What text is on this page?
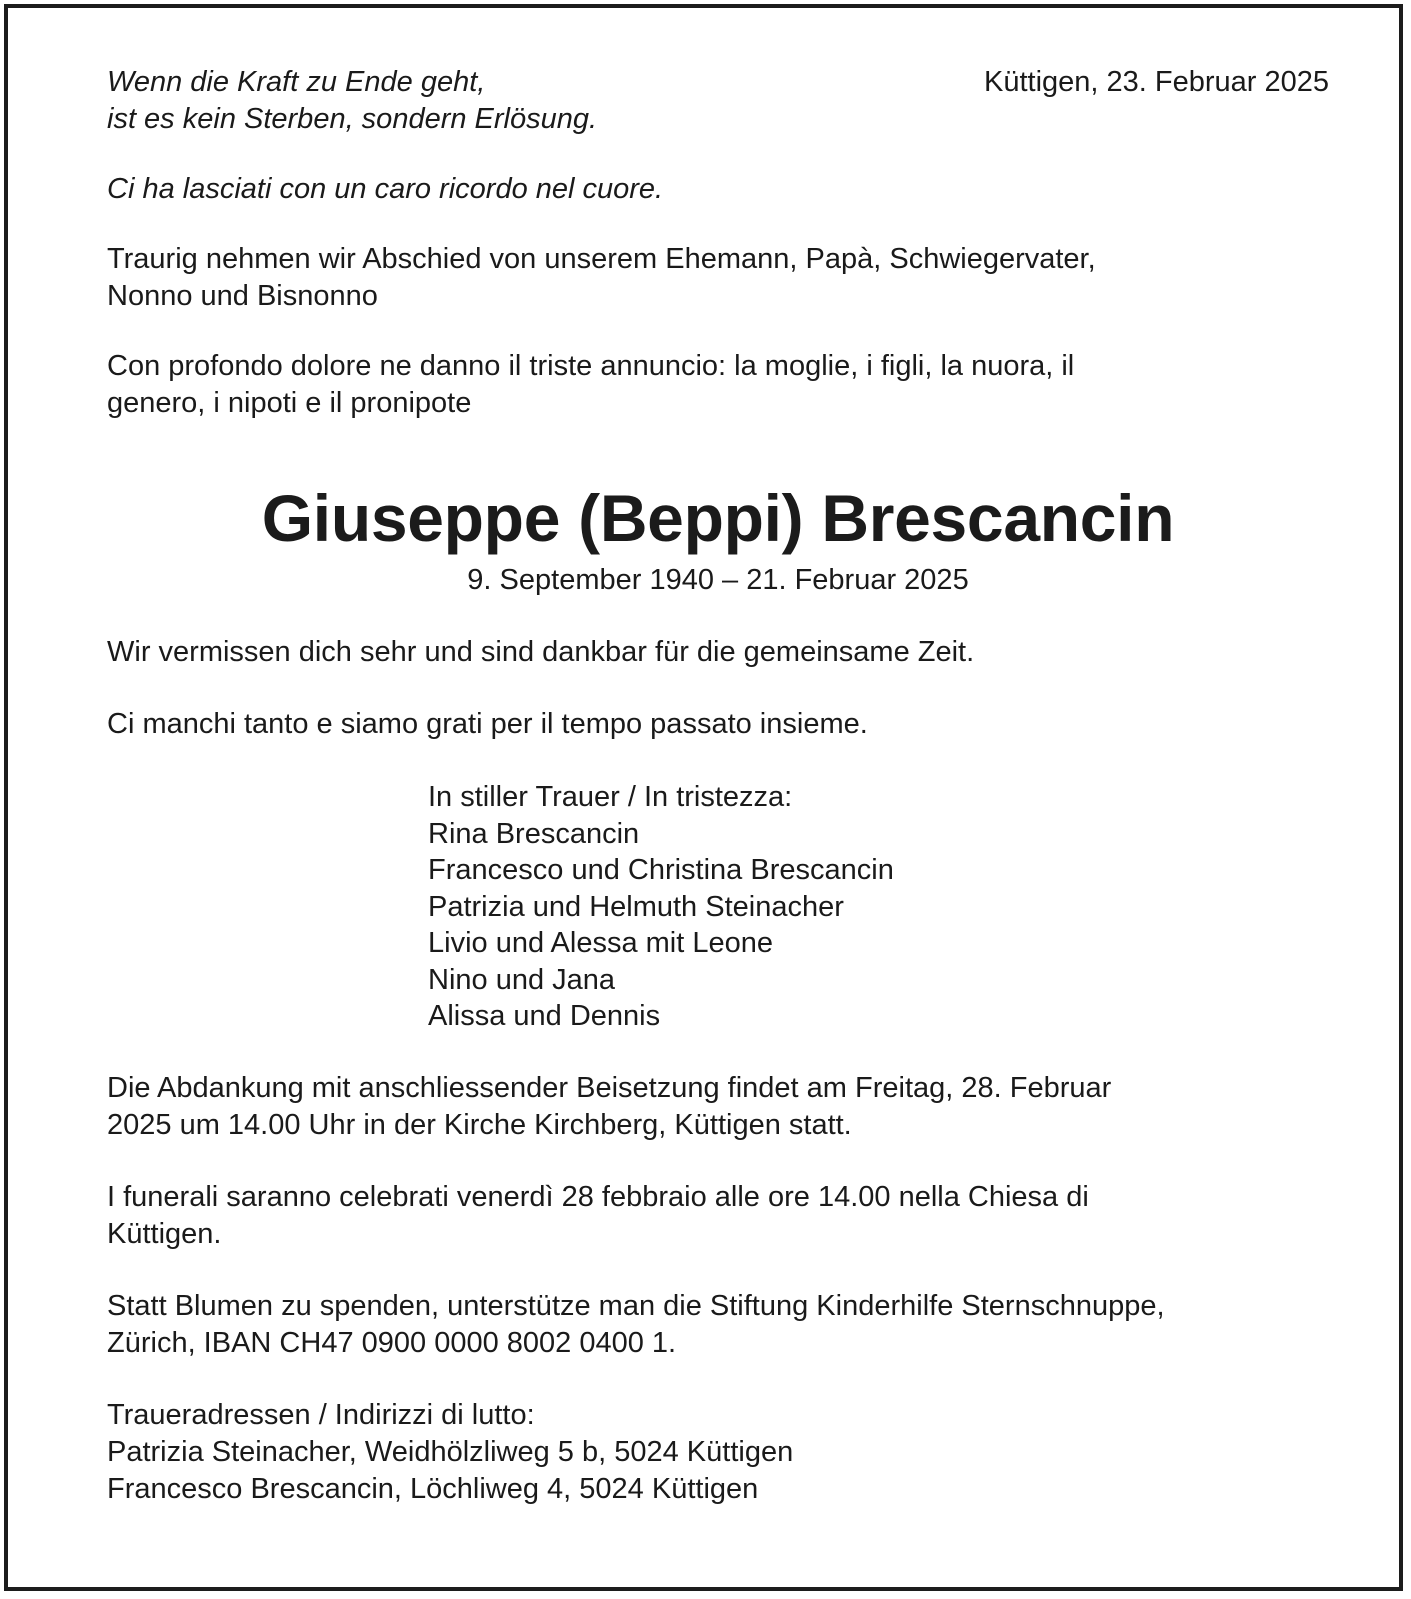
Wenn die Kraft zu Ende geht,
ist es kein Sterben, sondern Erlösung.
Küttigen, 23. Februar 2025

Ci ha lasciati con un caro ricordo nel cuore.

Traurig nehmen wir Abschied von unserem Ehemann, Papà, Schwiegervater,
Nonno und Bisnonno

Con profondo dolore ne danno il triste annuncio: la moglie, i figli, la nuora, il
genero, i nipoti e il pronipote

Giuseppe (Beppi) Brescancin
9. September 1940 – 21. Februar 2025

Wir vermissen dich sehr und sind dankbar für die gemeinsame Zeit.

Ci manchi tanto e siamo grati per il tempo passato insieme.

In stiller Trauer / In tristezza:
Rina Brescancin
Francesco und Christina Brescancin
Patrizia und Helmuth Steinacher
Livio und Alessa mit Leone
Nino und Jana
Alissa und Dennis

Die Abdankung mit anschliessender Beisetzung findet am Freitag, 28. Februar
2025 um 14.00 Uhr in der Kirche Kirchberg, Küttigen statt.

I funerali saranno celebrati venerdì 28 febbraio alle ore 14.00 nella Chiesa di
Küttigen.

Statt Blumen zu spenden, unterstütze man die Stiftung Kinderhilfe Sternschnuppe,
Zürich, IBAN CH47 0900 0000 8002 0400 1.

Traueradressen / Indirizzi di lutto:
Patrizia Steinacher, Weidhölzliweg 5 b, 5024 Küttigen
Francesco Brescancin, Löchliweg 4, 5024 Küttigen
